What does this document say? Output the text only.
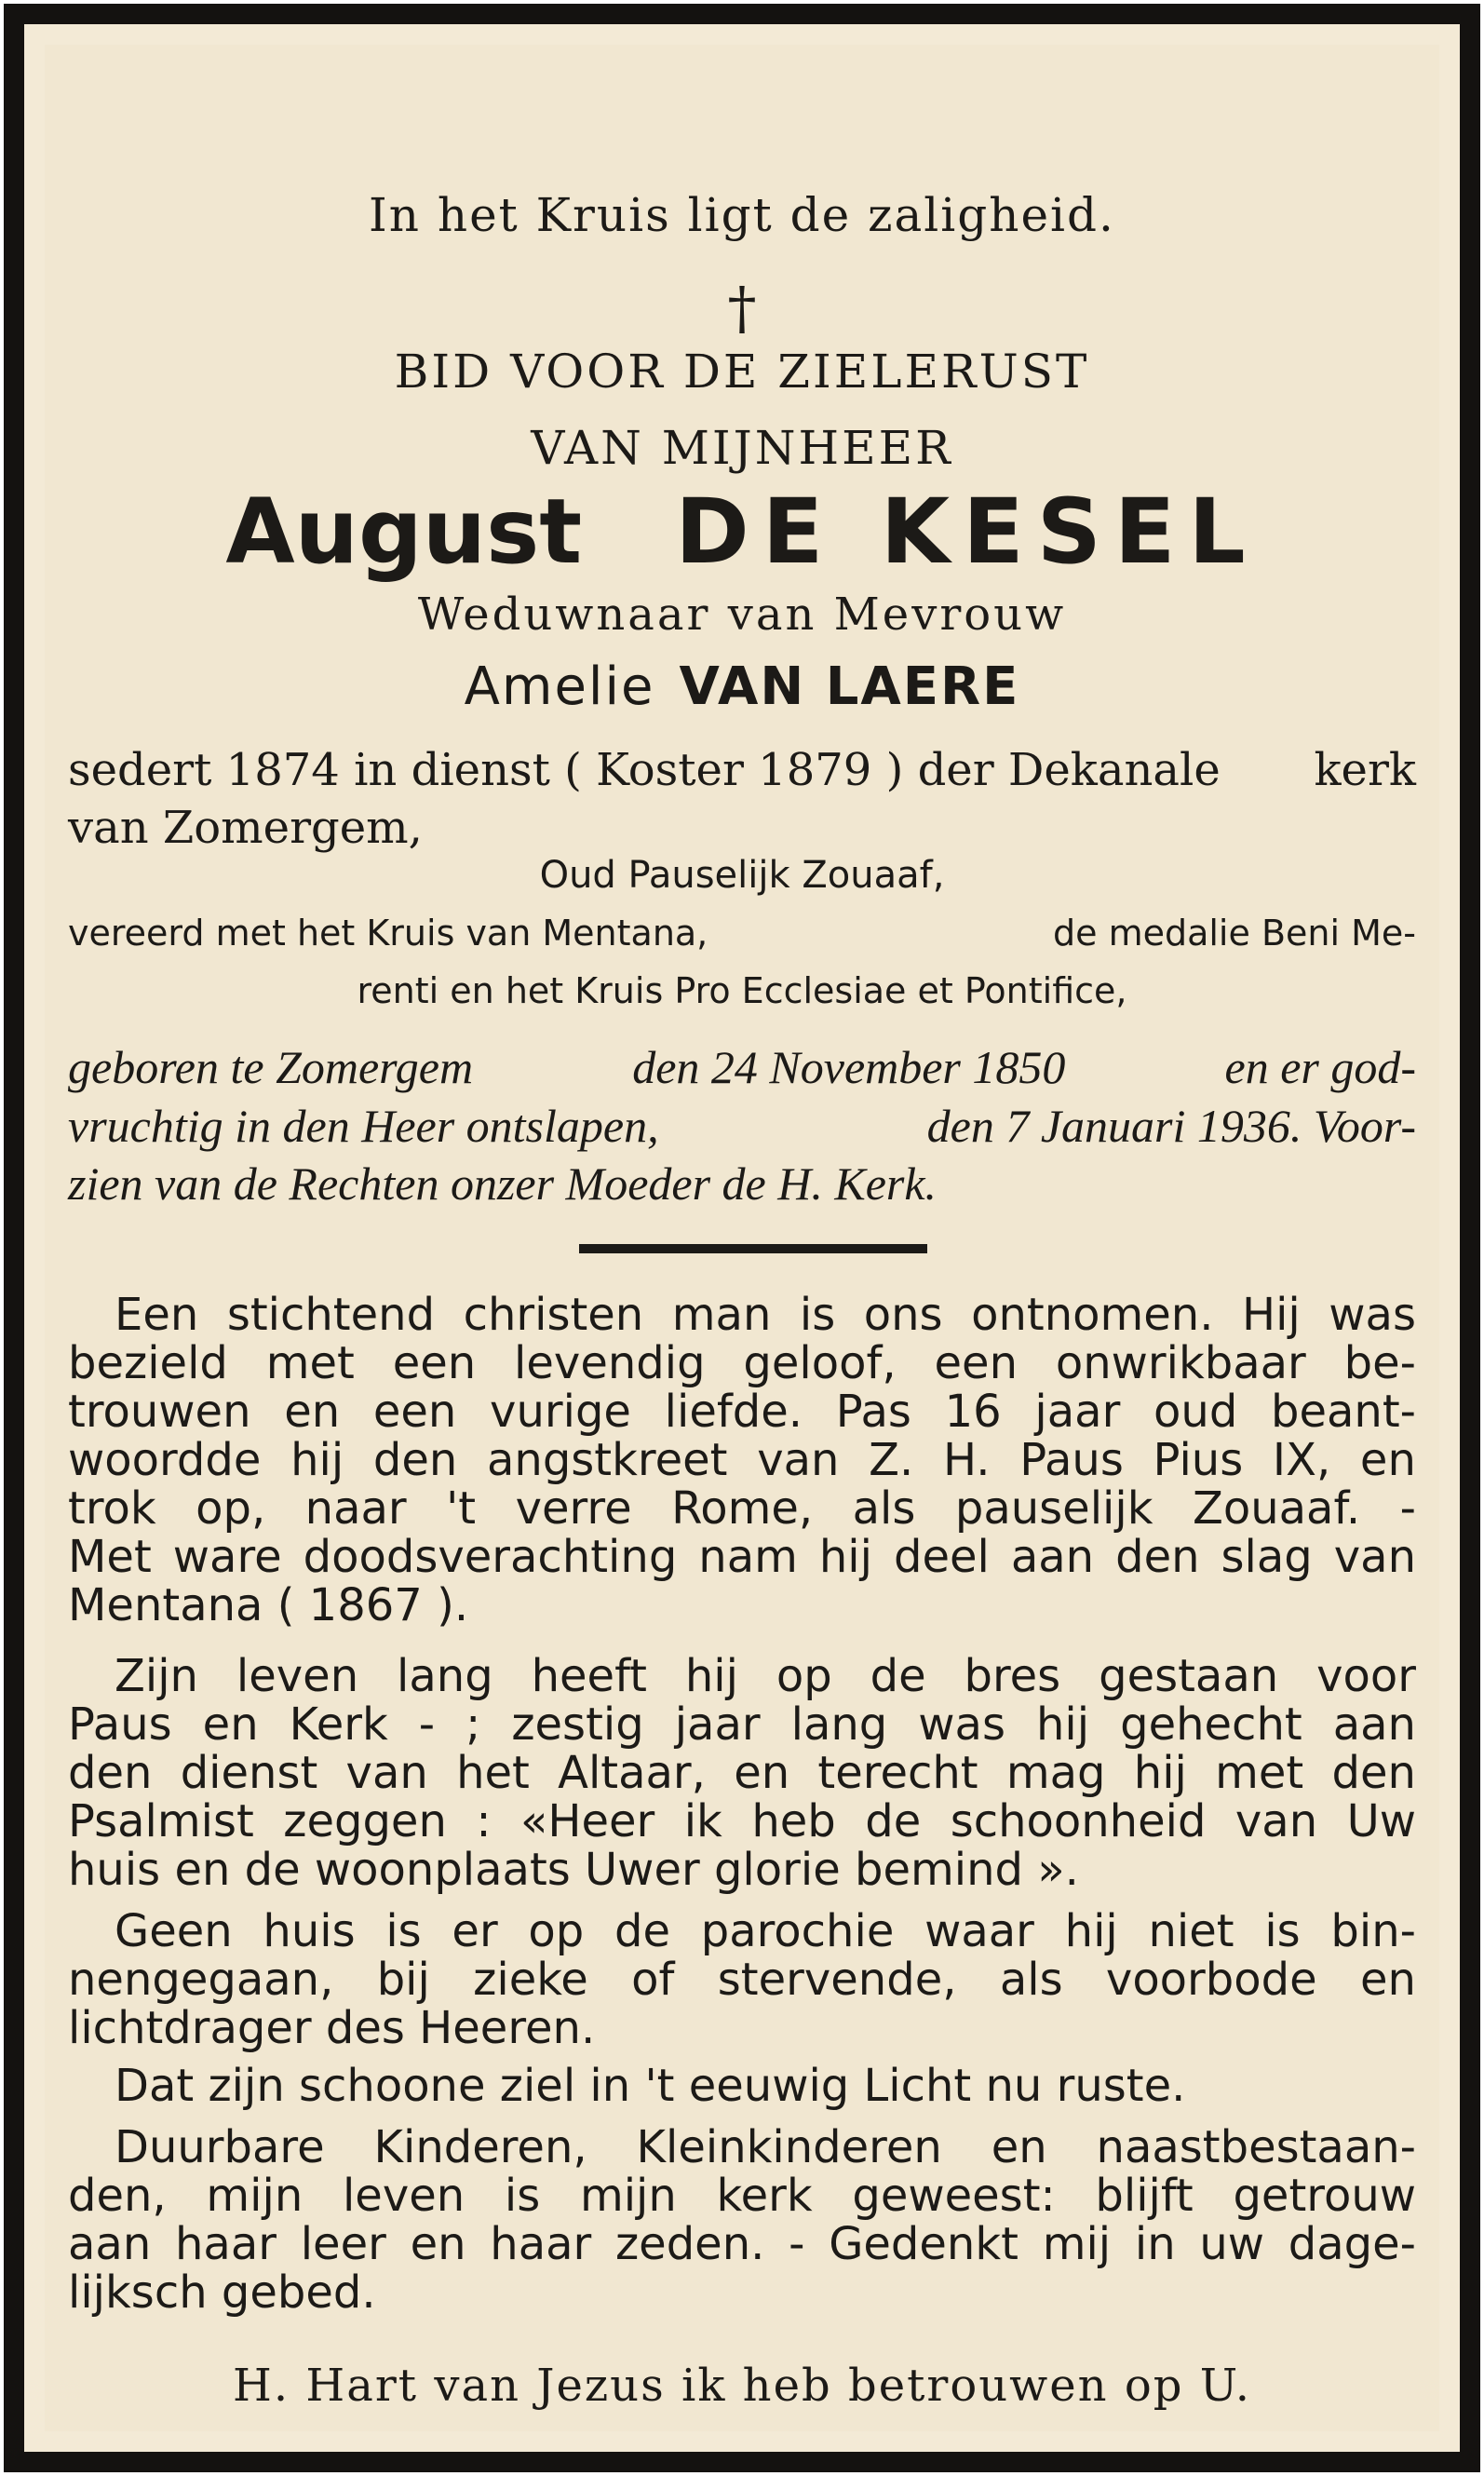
In het Kruis ligt de zaligheid.
†
BID VOOR DE ZIELERUST
VAN MIJNHEER
August DE KESEL
Weduwnaar van Mevrouw
Amelie VAN LAERE
sedert 1874 in dienst ( Koster 1879 ) der Dekanale kerk
van Zomergem,
Oud Pauselijk Zouaaf,
vereerd met het Kruis van Mentana,	de medalie Beni Me-
renti en het Kruis Pro Ecclesiae et Pontifice,
geboren te Zomergem	den 24 November 1850	en er god-
vruchtig in den Heer ontslapen,	den 7 Januari 1936. Voor-
zien van de Rechten onzer Moeder de H. Kerk.

Een stichtend christen man is ons ontnomen. Hij was

bezield met een levendig geloof, een onwrikbaar be-

trouwen en een vurige liefde. Pas 16 jaar oud beant-

woordde hij den angstkreet van Z. H. Paus Pius IX, en

trok op, naar 't verre Rome, als pauselijk Zouaaf. -

Met ware doodsverachting nam hij deel aan den slag van

Mentana ( 1867 ).

Zijn leven lang heeft hij op de bres gestaan voor

Paus en Kerk - ; zestig jaar lang was hij gehecht aan

den dienst van het Altaar, en terecht mag hij met den

Psalmist zeggen : «Heer ik heb de schoonheid van Uw

huis en de woonplaats Uwer glorie bemind ».

Geen huis is er op de parochie waar hij niet is bin-

nengegaan, bij zieke of stervende, als voorbode en

lichtdrager des Heeren.

Dat zijn schoone ziel in 't eeuwig Licht nu ruste.

Duurbare Kinderen, Kleinkinderen en naastbestaan-

den, mijn leven is mijn kerk geweest: blijft getrouw

aan haar leer en haar zeden. - Gedenkt mij in uw dage-

lijksch gebed.

H. Hart van Jezus ik heb betrouwen op U.
